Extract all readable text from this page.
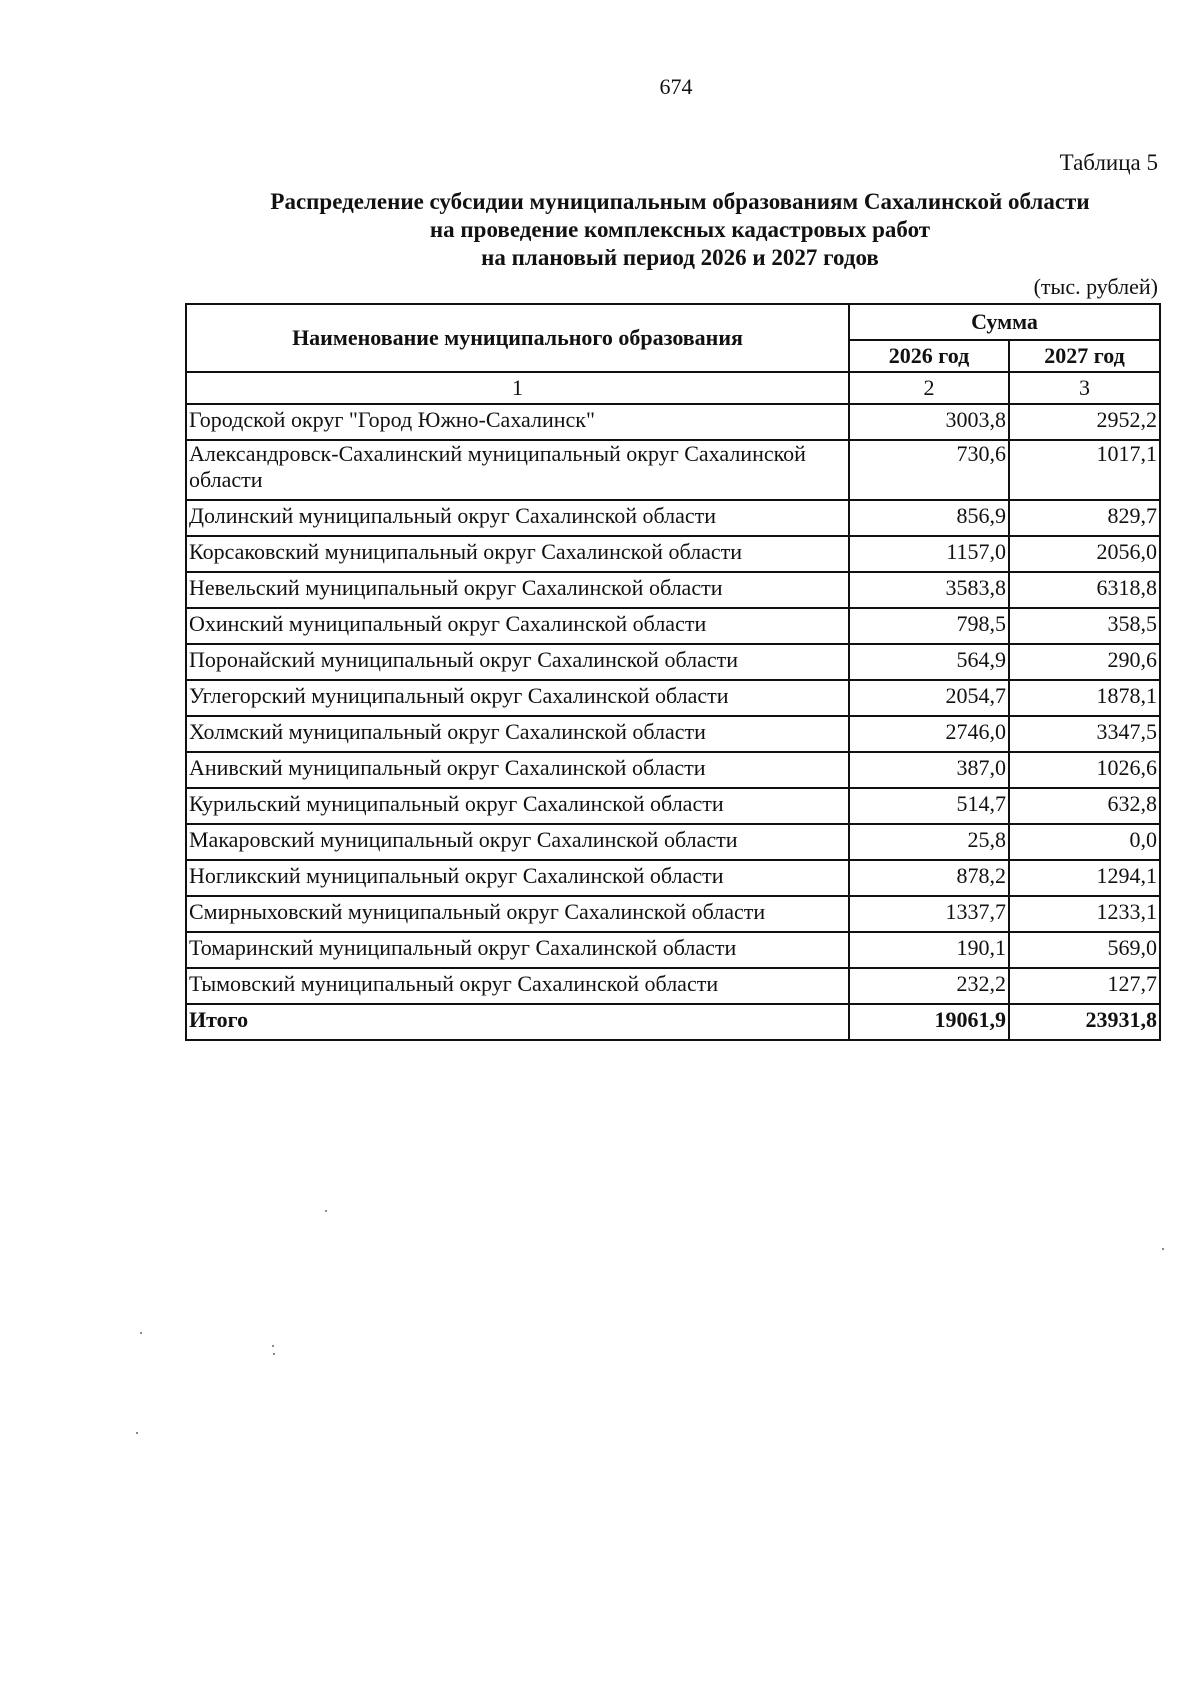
674
Таблица 5
Распределение субсидии муниципальным образованиям Сахалинской области
на проведение комплексных кадастровых работ
на плановый период 2026 и 2027 годов
(тыс. рублей)
Наименование муниципального образования	Сумма	
	2026 год	2027 год
1	2	3
Городской округ "Город Южно-Сахалинск"	3003,8	2952,2
Александровск-Сахалинский муниципальный округ Сахалинской области	730,6	1017,1
Долинский муниципальный округ Сахалинской области	856,9	829,7
Корсаковский муниципальный округ Сахалинской области	1157,0	2056,0
Невельский муниципальный округ Сахалинской области	3583,8	6318,8
Охинский муниципальный округ Сахалинской области	798,5	358,5
Поронайский муниципальный округ Сахалинской области	564,9	290,6
Углегорский муниципальный округ Сахалинской области	2054,7	1878,1
Холмский муниципальный округ Сахалинской области	2746,0	3347,5
Анивский муниципальный округ Сахалинской области	387,0	1026,6
Курильский муниципальный округ Сахалинской области	514,7	632,8
Макаровский муниципальный округ Сахалинской области	25,8	0,0
Ногликский муниципальный округ Сахалинской области	878,2	1294,1
Смирныховский муниципальный округ Сахалинской области	1337,7	1233,1
Томаринский муниципальный округ Сахалинской области	190,1	569,0
Тымовский муниципальный округ Сахалинской области	232,2	127,7
Итого	19061,9	23931,8
